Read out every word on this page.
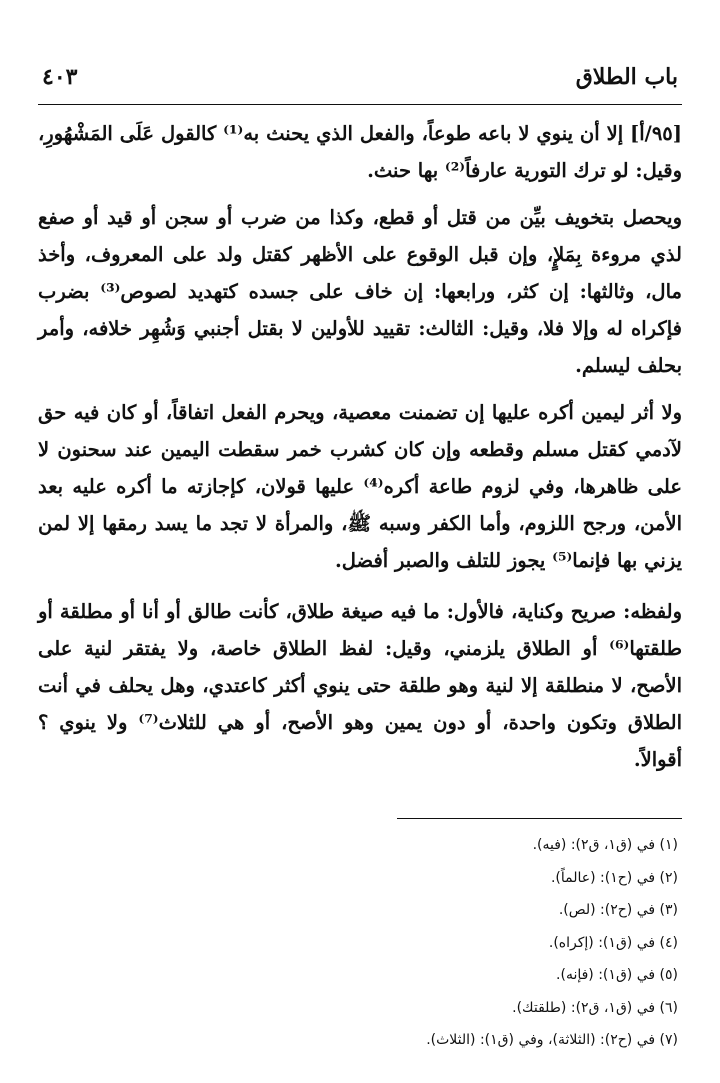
باب الطلاق
٤٠٣

[٩٥/أ] إلا أن ينوي لا باعه طوعاً، والفعل الذي يحنث به⁽¹⁾ كالقول عَلَى المَشْهُورِ، وقيل: لو ترك التورية عارفاً⁽²⁾ بها حنث.

ويحصل بتخويف بيِّن من قتل أو قطع، وكذا من ضرب أو سجن أو قيد أو صفع لذي مروءة بِمَلإٍ، وإن قبل الوقوع على الأظهر كقتل ولد على المعروف، وأخذ مال، وثالثها: إن كثر، ورابعها: إن خاف على جسده كتهديد لصوص⁽³⁾ بضرب فإكراه له وإلا فلا، وقيل: الثالث: تقييد للأولين لا بقتل أجنبي وَشُهِر خلافه، وأمر بحلف ليسلم.

ولا أثر ليمين أكره عليها إن تضمنت معصية، ويحرم الفعل اتفاقاً، أو كان فيه حق لآدمي كقتل مسلم وقطعه وإن كان كشرب خمر سقطت اليمين عند سحنون لا على ظاهرها، وفي لزوم طاعة أكره⁽⁴⁾ عليها قولان، كإجازته ما أكره عليه بعد الأمن، ورجح اللزوم، وأما الكفر وسبه ﷺ، والمرأة لا تجد ما يسد رمقها إلا لمن يزني بها فإنما⁽⁵⁾ يجوز للتلف والصبر أفضل.

ولفظه: صريح وكناية، فالأول: ما فيه صيغة طلاق، كأنت طالق أو أنا أو مطلقة أو طلقتها⁽⁶⁾ أو الطلاق يلزمني، وقيل: لفظ الطلاق خاصة، ولا يفتقر لنية على الأصح، لا منطلقة إلا لنية وهو طلقة حتى ينوي أكثر كاعتدي، وهل يحلف في أنت الطلاق وتكون واحدة، أو دون يمين وهو الأصح، أو هي للثلاث⁽⁷⁾ ولا ينوي ؟ أقوالاً.

(١) في (ق١، ق٢): (فيه).
(٢) في (ح١): (عالماً).
(٣) في (ح٢): (لص).
(٤) في (ق١): (إكراه).
(٥) في (ق١): (فإنه).
(٦) في (ق١، ق٢): (طلقتك).
(٧) في (ح٢): (الثلاثة)، وفي (ق١): (الثلاث).
